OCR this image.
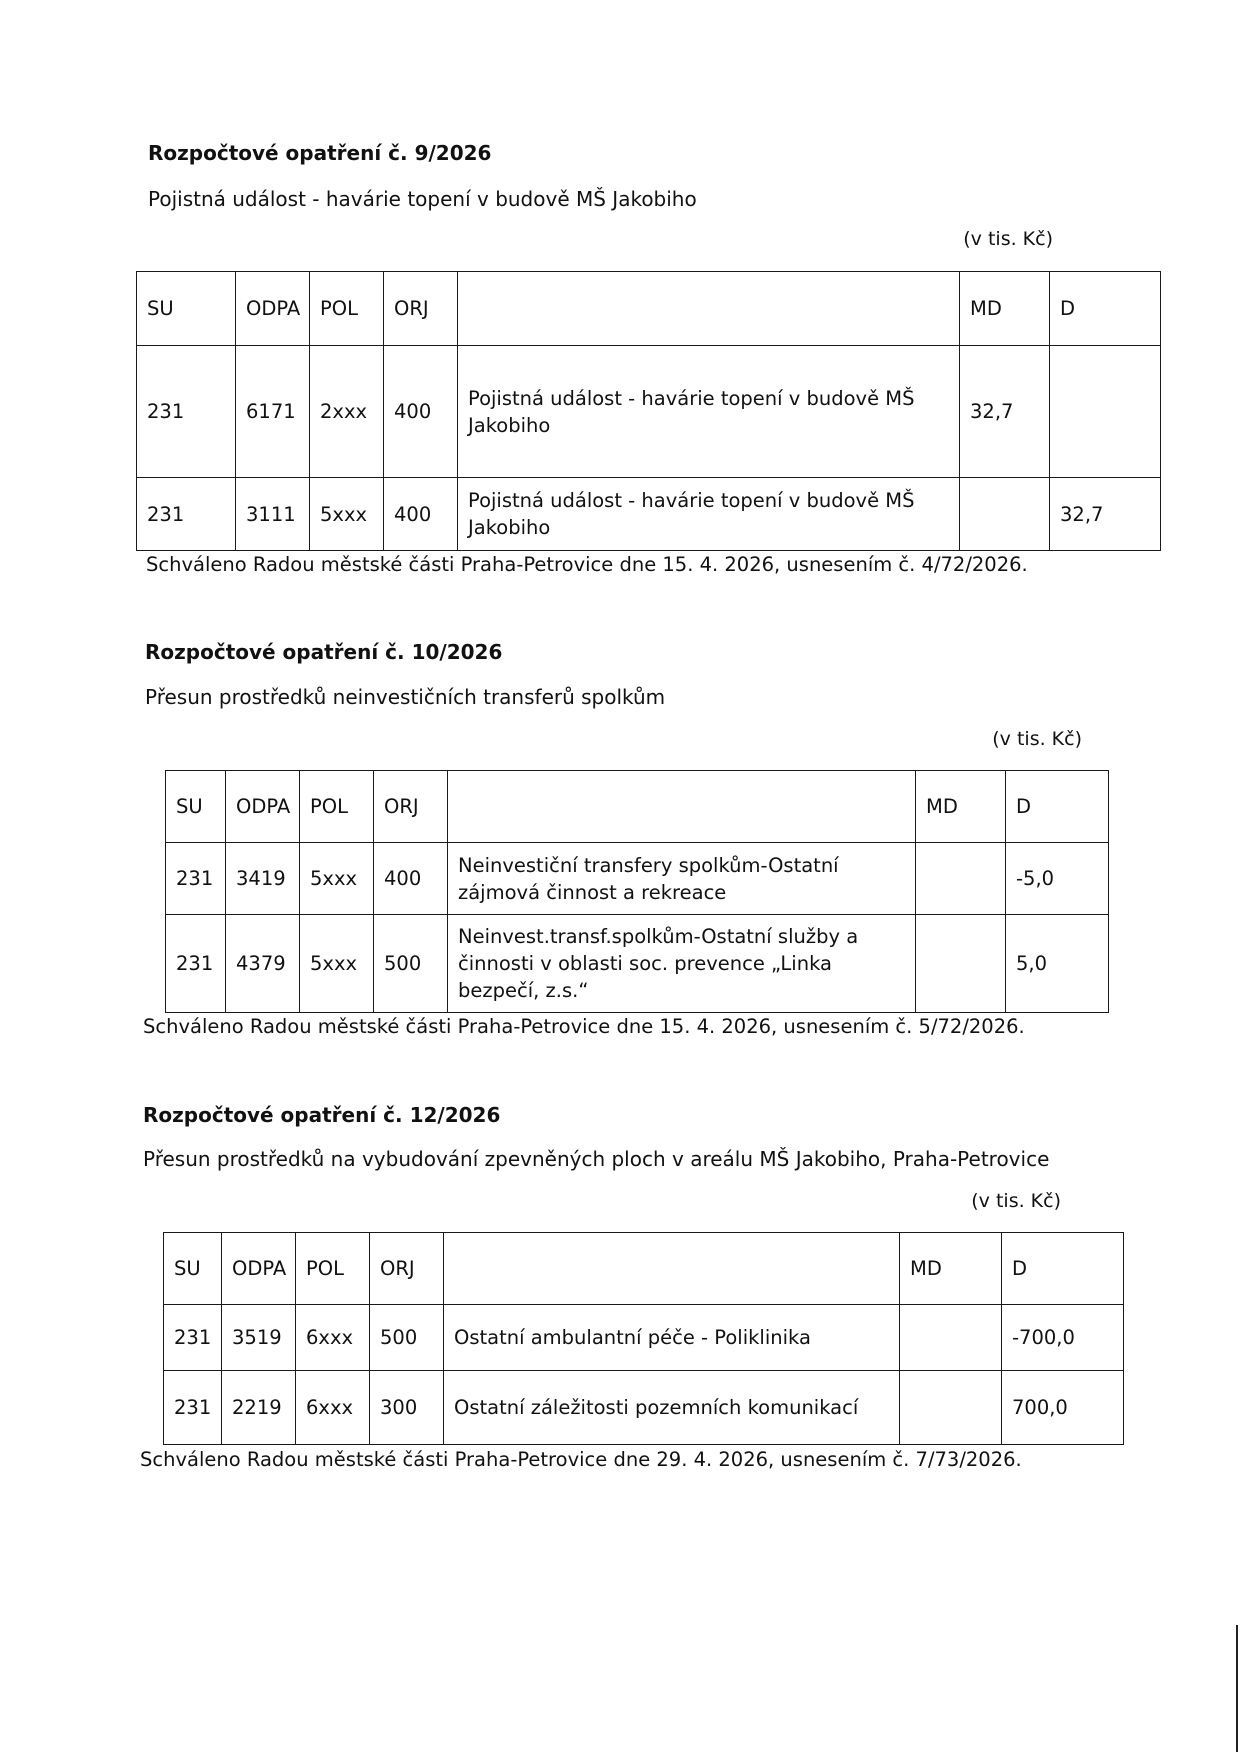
Rozpočtové opatření č. 9/2026
Pojistná událost - havárie topení v budově MŠ Jakobiho
(v tis. Kč)
SU	ODPA	POL	ORJ		MD	D
231	6171	2xxx	400	Pojistná událost - havárie topení v budově MŠ Jakobiho	32,7	
231	3111	5xxx	400	Pojistná událost - havárie topení v budově MŠ Jakobiho		32,7
Schváleno Radou městské části Praha-Petrovice dne 15. 4. 2026, usnesením č. 4/72/2026.
Rozpočtové opatření č. 10/2026
Přesun prostředků neinvestičních transferů spolkům
(v tis. Kč)
SU	ODPA	POL	ORJ		MD	D
231	3419	5xxx	400	Neinvestiční transfery spolkům-Ostatní zájmová činnost a rekreace		-5,0
231	4379	5xxx	500	Neinvest.transf.spolkům-Ostatní služby a činnosti v oblasti soc. prevence „Linka bezpečí, z.s.“		5,0
Schváleno Radou městské části Praha-Petrovice dne 15. 4. 2026, usnesením č. 5/72/2026.
Rozpočtové opatření č. 12/2026
Přesun prostředků na vybudování zpevněných ploch v areálu MŠ Jakobiho, Praha-Petrovice
(v tis. Kč)
SU	ODPA	POL	ORJ		MD	D
231	3519	6xxx	500	Ostatní ambulantní péče - Poliklinika		-700,0
231	2219	6xxx	300	Ostatní záležitosti pozemních komunikací		700,0
Schváleno Radou městské části Praha-Petrovice dne 29. 4. 2026, usnesením č. 7/73/2026.
